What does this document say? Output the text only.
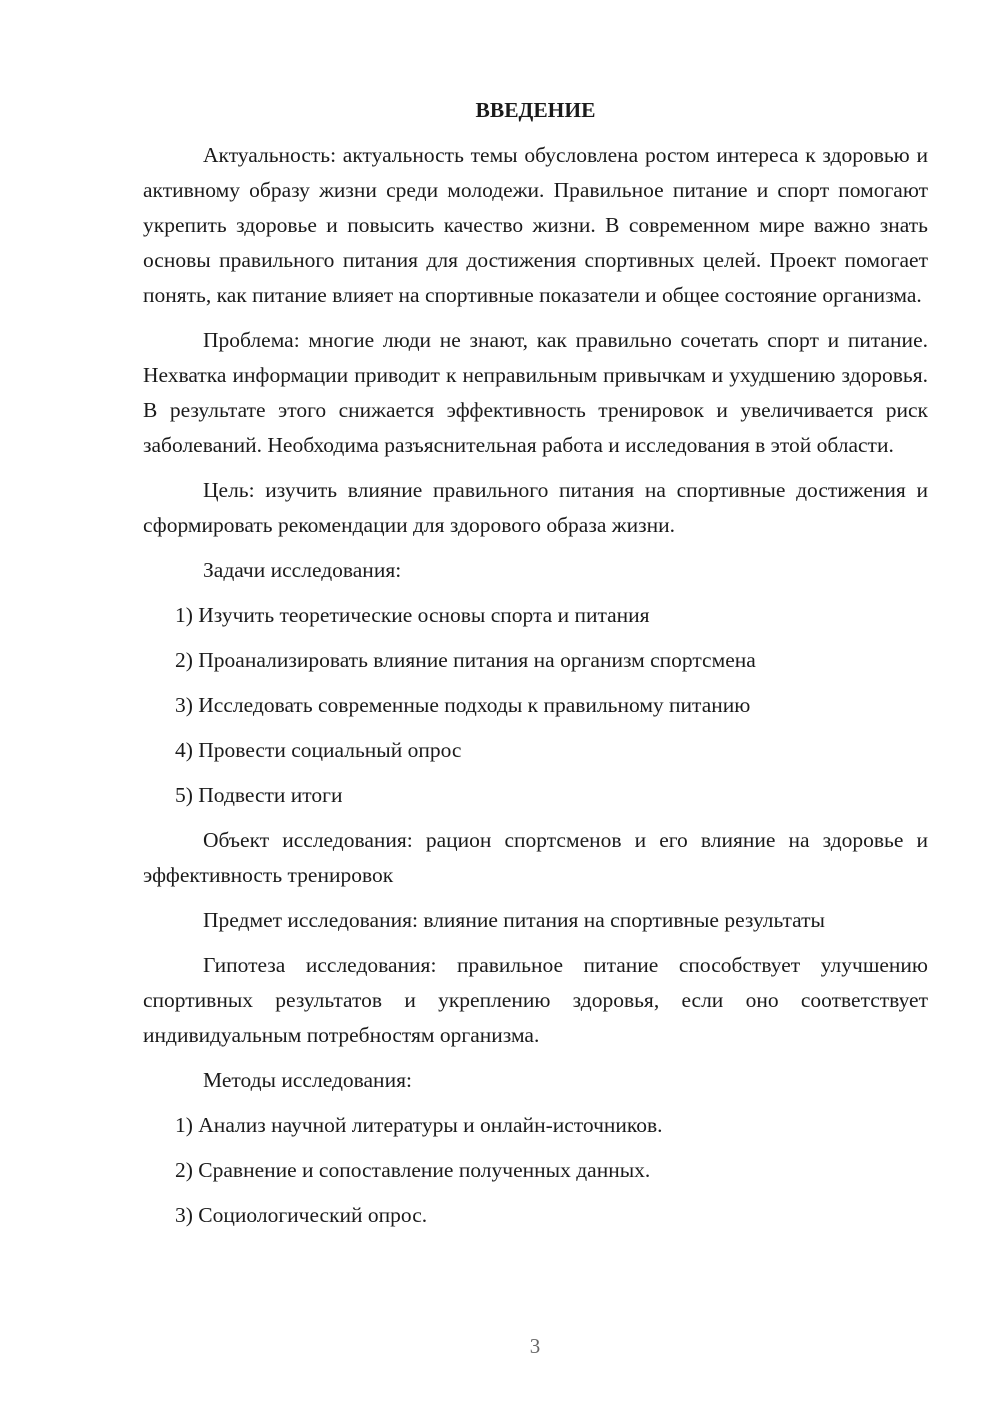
ВВЕДЕНИЕ

Актуальность: актуальность темы обусловлена ростом интереса к здоровью и активному образу жизни среди молодежи. Правильное питание и спорт помогают укрепить здоровье и повысить качество жизни. В современном мире важно знать основы правильного питания для достижения спортивных целей. Проект помогает понять, как питание влияет на спортивные показатели и общее состояние организма.

Проблема: многие люди не знают, как правильно сочетать спорт и питание. Нехватка информации приводит к неправильным привычкам и ухудшению здоровья. В результате этого снижается эффективность тренировок и увеличивается риск заболеваний. Необходима разъяснительная работа и исследования в этой области.

Цель: изучить влияние правильного питания на спортивные достижения и сформировать рекомендации для здорового образа жизни.

Задачи исследования:

1) Изучить теоретические основы спорта и питания
2) Проанализировать влияние питания на организм спортсмена
3) Исследовать современные подходы к правильному питанию
4) Провести социальный опрос
5) Подвести итоги

Объект исследования: рацион спортсменов и его влияние на здоровье и эффективность тренировок

Предмет исследования: влияние питания на спортивные результаты

Гипотеза исследования: правильное питание способствует улучшению спортивных результатов и укреплению здоровья, если оно соответствует индивидуальным потребностям организма.

Методы исследования:

1) Анализ научной литературы и онлайн-источников.
2) Сравнение и сопоставление полученных данных.
3) Социологический опрос.
3
